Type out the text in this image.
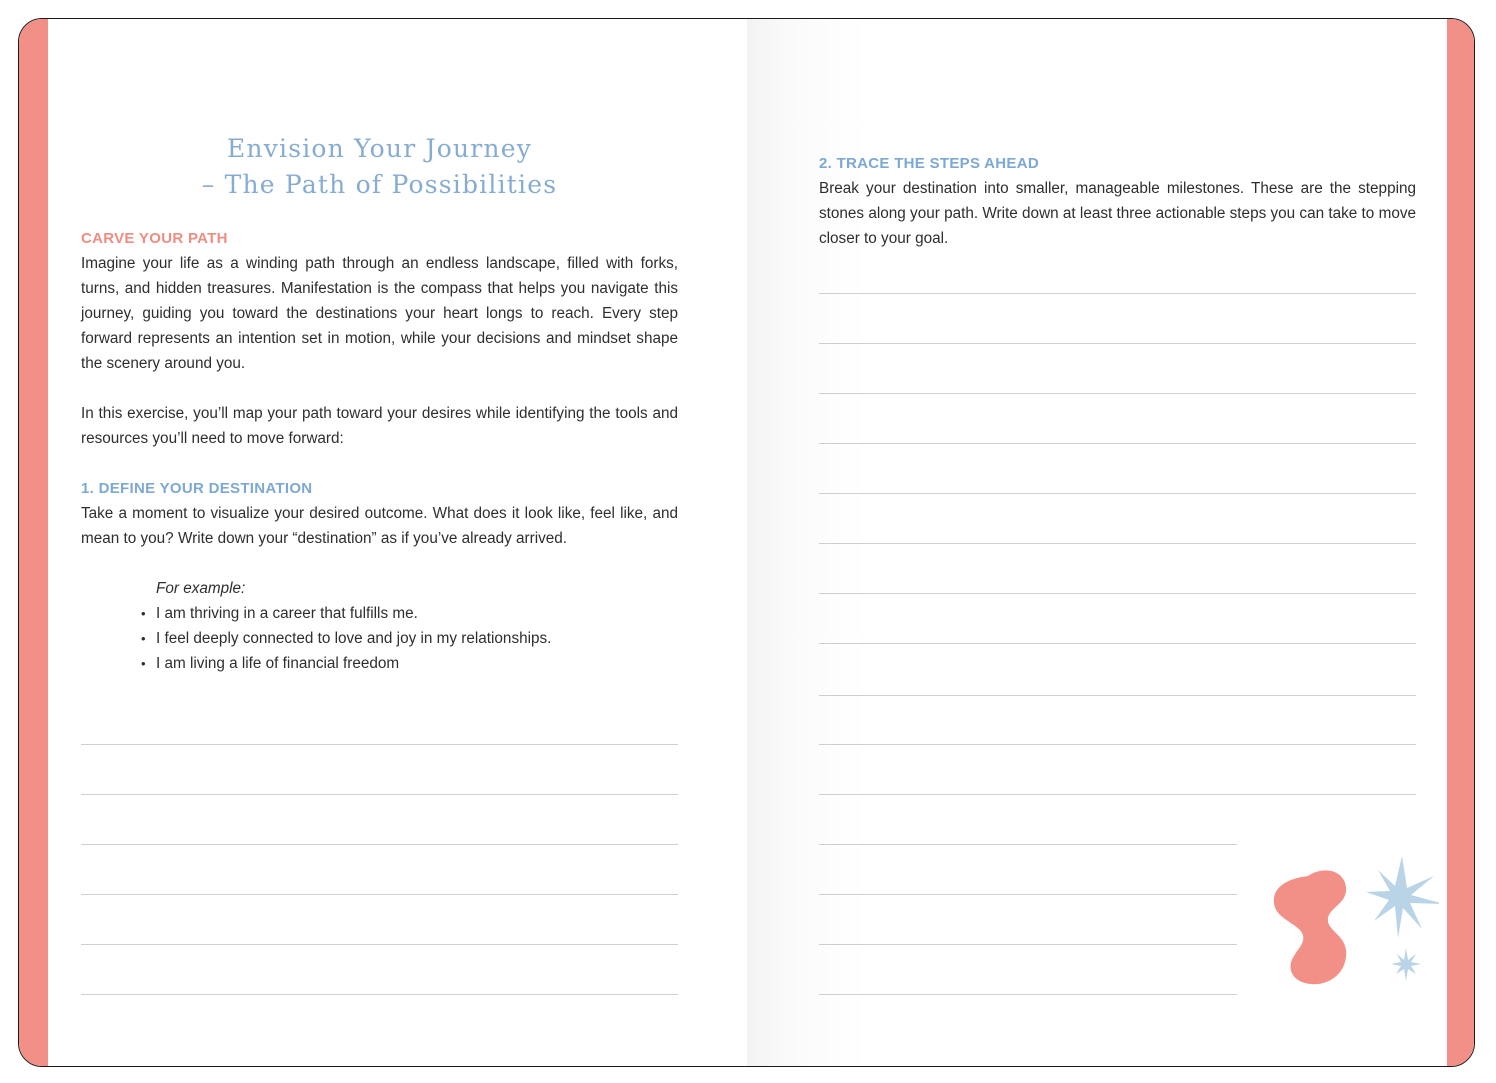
Envision Your Journey
– The Path of Possibilities
CARVE YOUR PATH
Imagine your life as a winding path through an endless landscape, filled with forks, turns, and hidden treasures. Manifestation is the compass that helps you navigate this journey, guiding you toward the destinations your heart longs to reach. Every step forward represents an intention set in motion, while your decisions and mindset shape the scenery around you.
In this exercise, you’ll map your path toward your desires while identifying the tools and resources you’ll need to move forward:
1. DEFINE YOUR DESTINATION
Take a moment to visualize your desired outcome. What does it look like, feel like, and mean to you? Write down your “destination” as if you’ve already arrived.
For example:
• I am thriving in a career that fulfills me.
• I feel deeply connected to love and joy in my relationships.
• I am living a life of financial freedom
2. TRACE THE STEPS AHEAD
Break your destination into smaller, manageable milestones. These are the stepping stones along your path. Write down at least three actionable steps you can take to move closer to your goal.
